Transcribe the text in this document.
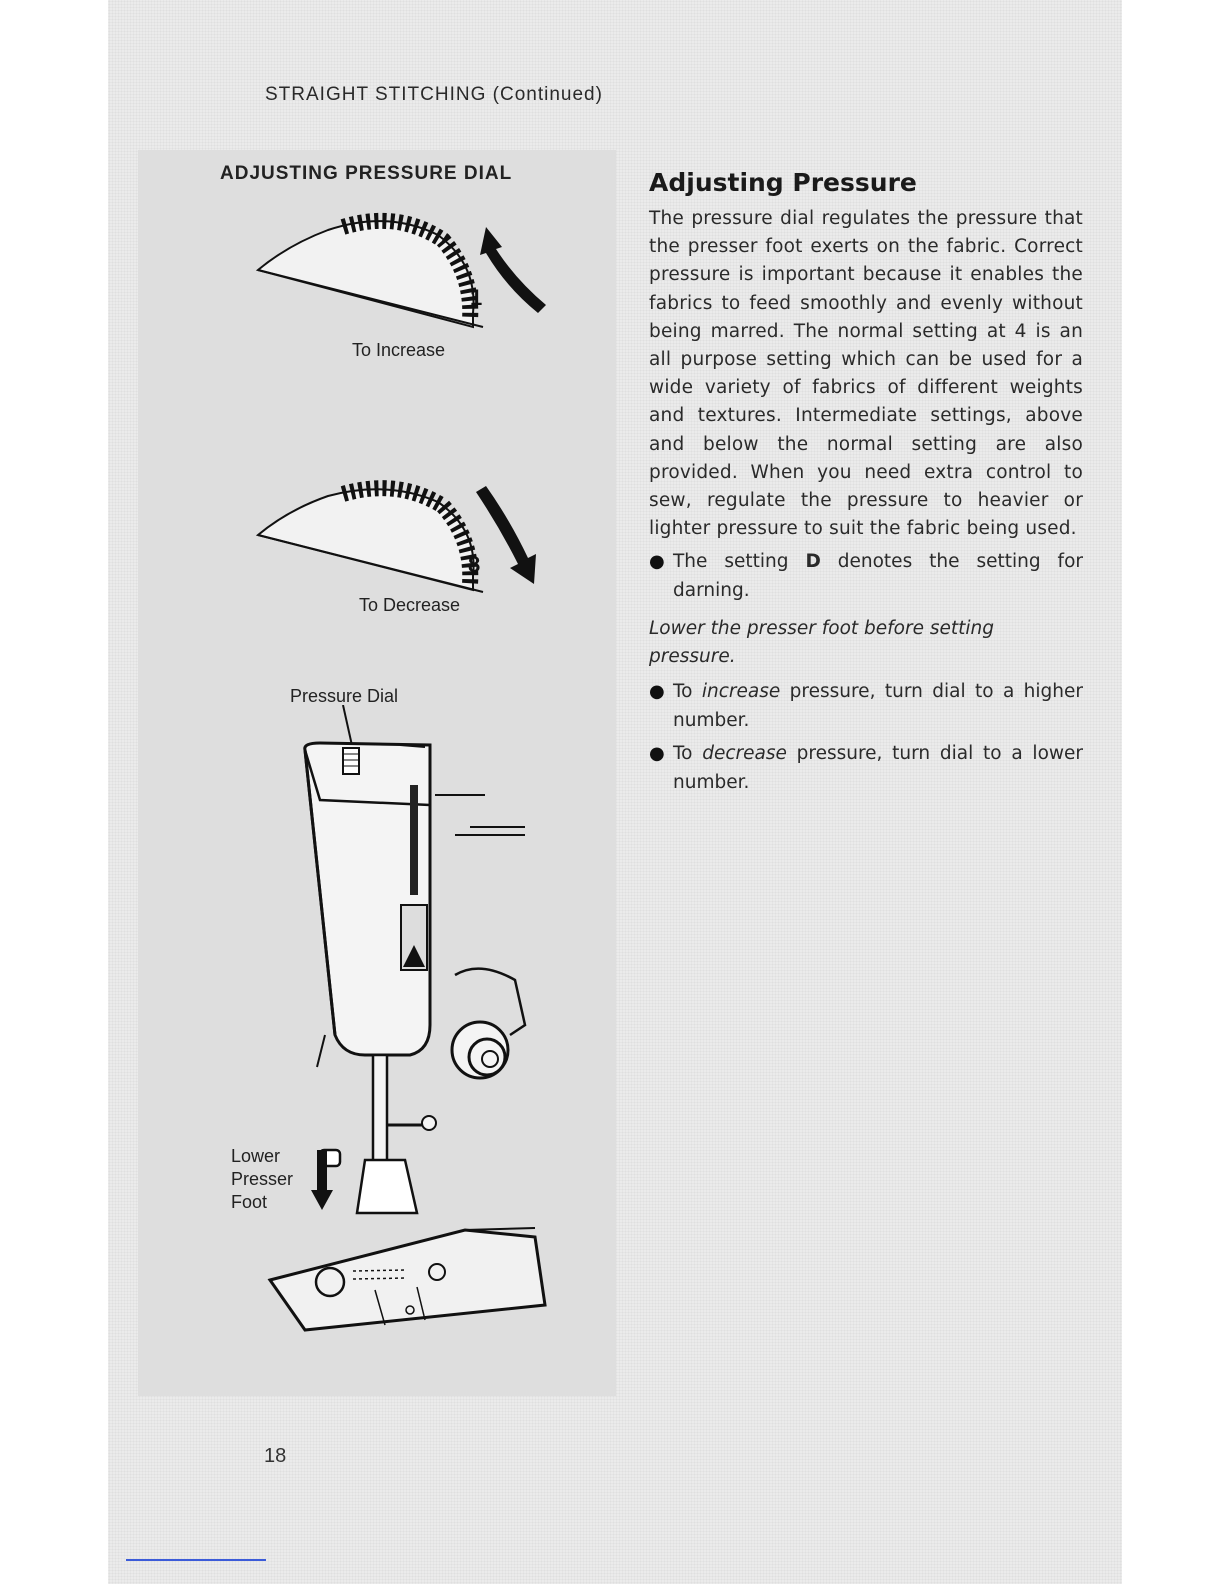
STRAIGHT STITCHING (Continued)
ADJUSTING PRESSURE DIAL
1
To Increase
8
To Decrease
Pressure Dial
Lower
Presser
Foot
Adjusting Pressure

The pressure dial regulates the pressure that the presser foot exerts on the fabric. Correct pressure is important because it enables the fabrics to feed smoothly and evenly without being marred. The normal setting at 4 is an all purpose setting which can be used for a wide variety of fabrics of different weights and textures. Intermediate settings, above and below the normal setting are also provided. When you need extra control to sew, regulate the pressure to heavier or lighter pressure to suit the fabric being used.

● The setting D denotes the setting for darning.

Lower the presser foot before setting pressure.

● To increase pressure, turn dial to a higher number.
● To decrease pressure, turn dial to a lower number.
18
